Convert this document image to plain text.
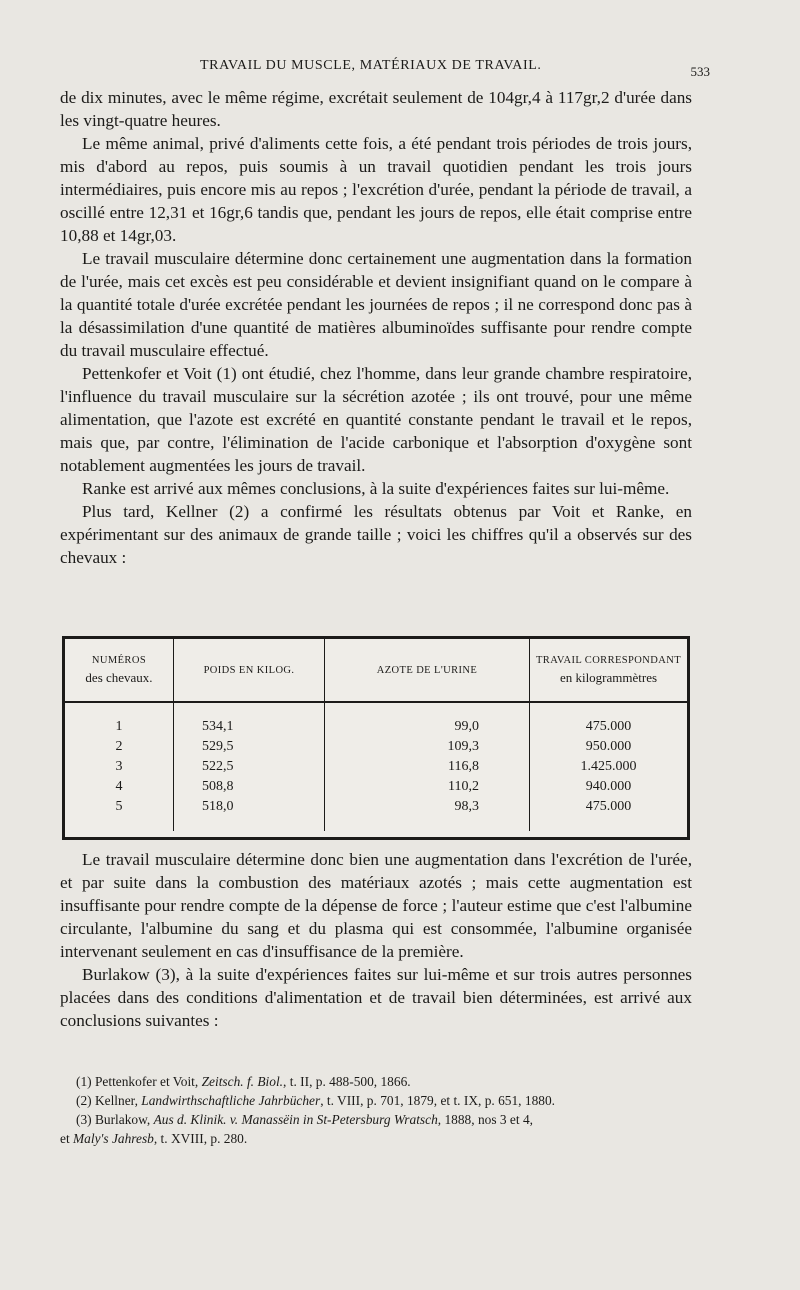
TRAVAIL DU MUSCLE, MATÉRIAUX DE TRAVAIL.	533

de dix minutes, avec le même régime, excrétait seulement de 104gr,4 à 117gr,2 d'urée dans les vingt-quatre heures.

Le même animal, privé d'aliments cette fois, a été pendant trois périodes de trois jours, mis d'abord au repos, puis soumis à un travail quotidien pendant les trois jours intermédiaires, puis encore mis au repos ; l'excrétion d'urée, pendant la période de travail, a oscillé entre 12,31 et 16gr,6 tandis que, pendant les jours de repos, elle était comprise entre 10,88 et 14gr,03.

Le travail musculaire détermine donc certainement une augmentation dans la formation de l'urée, mais cet excès est peu considérable et devient insignifiant quand on le compare à la quantité totale d'urée excrétée pendant les journées de repos ; il ne correspond donc pas à la désassimilation d'une quantité de matières albuminoïdes suffisante pour rendre compte du travail musculaire effectué.

Pettenkofer et Voit (1) ont étudié, chez l'homme, dans leur grande chambre respiratoire, l'influence du travail musculaire sur la sécrétion azotée ; ils ont trouvé, pour une même alimentation, que l'azote est excrété en quantité constante pendant le travail et le repos, mais que, par contre, l'élimination de l'acide carbonique et l'absorption d'oxygène sont notablement augmentées les jours de travail.

Ranke est arrivé aux mêmes conclusions, à la suite d'expériences faites sur lui-même.

Plus tard, Kellner (2) a confirmé les résultats obtenus par Voit et Ranke, en expérimentant sur des animaux de grande taille ; voici les chiffres qu'il a observés sur des chevaux :

NUMÉROS
des chevaux.	POIDS EN KILOG.	AZOTE DE L'URINE	TRAVAIL CORRESPONDANT
en kilogrammètres

1	534,1	99,0	475.000
2	529,5	109,3	950.000
3	522,5	116,8	1.425.000
4	508,8	110,2	940.000
5	518,0	98,3	475.000

Le travail musculaire détermine donc bien une augmentation dans l'excrétion de l'urée, et par suite dans la combustion des matériaux azotés ; mais cette augmentation est insuffisante pour rendre compte de la dépense de force ; l'auteur estime que c'est l'albumine circulante, l'albumine du sang et du plasma qui est consommée, l'albumine organisée intervenant seulement en cas d'insuffisance de la première.

Burlakow (3), à la suite d'expériences faites sur lui-même et sur trois autres personnes placées dans des conditions d'alimentation et de travail bien déterminées, est arrivé aux conclusions suivantes :

(1) Pettenkofer et Voit, Zeitsch. f. Biol., t. II, p. 488-500, 1866.

(2) Kellner, Landwirthschaftliche Jahrbücher, t. VIII, p. 701, 1879, et t. IX, p. 651, 1880.

(3) Burlakow, Aus d. Klinik. v. Manassëin in St-Petersburg Wratsch, 1888, nos 3 et 4,

et Maly's Jahresb, t. XVIII, p. 280.
